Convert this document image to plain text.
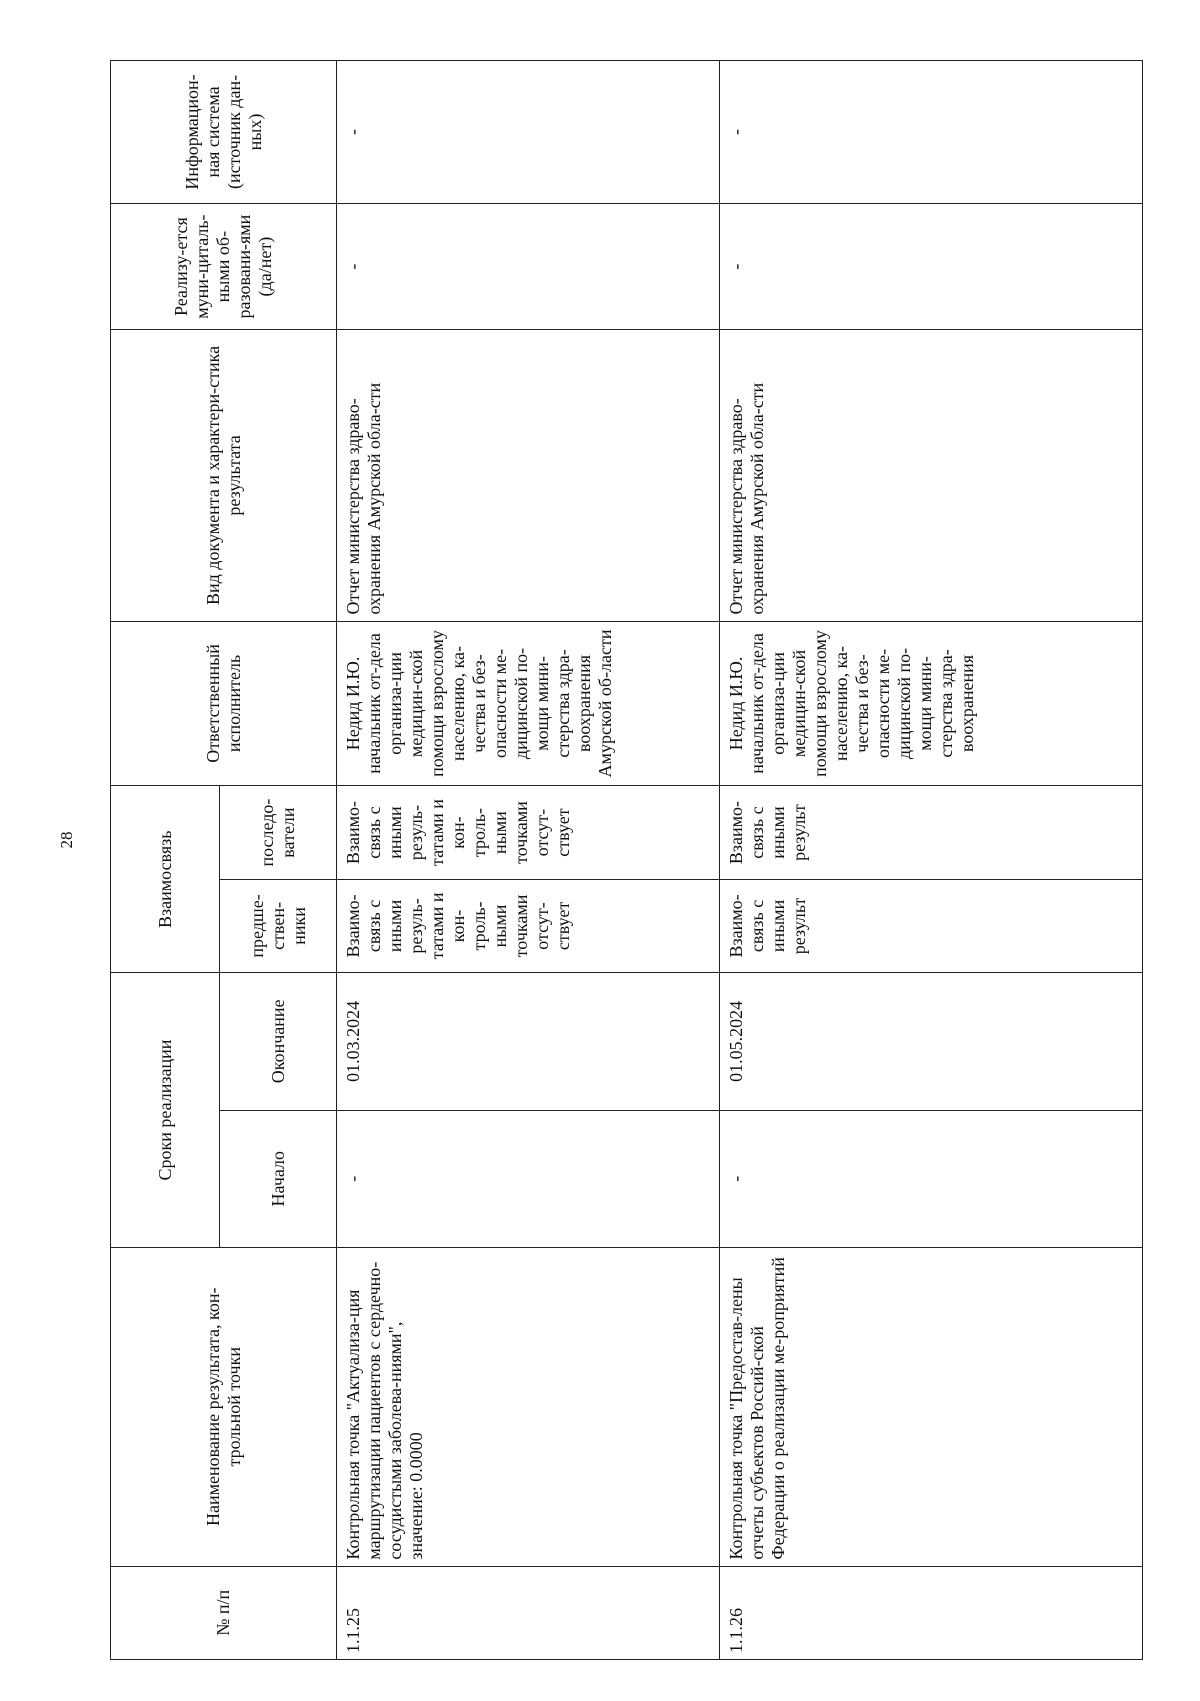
28
№ п/п	Наименование результата, кон-трольной точки	Сроки реализации		Взаимосвязь		Ответственный исполнитель	Вид документа и характери-стика результата	Реализу-ется муни-циталь-ными об-разовани-ями (да/нет)	Информацион-ная система (источник дан-ных)
		Начало	Окончание	предше-ствен-ники	последо-ватели				
1.1.25	Контрольная точка "Актуализа-ция маршрутизации пациентов с сердечно-сосудистыми заболева-ниями", значение: 0.0000	-	01.03.2024	Взаимо-связь с иными резуль-татами и кон-троль-ными точками отсут-ствует	Взаимо-связь с иными резуль-татами и кон-троль-ными точками отсут-ствует	Недид И.Ю. начальник от-дела организа-ции медицин-ской помощи взрослому населению, ка-чества и без-опасности ме-дицинской по-мощи мини-стерства здра-воохранения Амурской об-ласти	Отчет министерства здраво-охранения Амурской обла-сти	-	-
1.1.26	Контрольная точка "Предостав-лены отчеты субъектов Россий-ской Федерации о реализации ме-роприятий	-	01.05.2024	Взаимо-связь с иными результ	Взаимо-связь с иными результ	Недид И.Ю. начальник от-дела организа-ции медицин-ской помощи взрослому населению, ка-чества и без-опасности ме-дицинской по-мощи мини-стерства здра-воохранения	Отчет министерства здраво-охранения Амурской обла-сти	-	-
